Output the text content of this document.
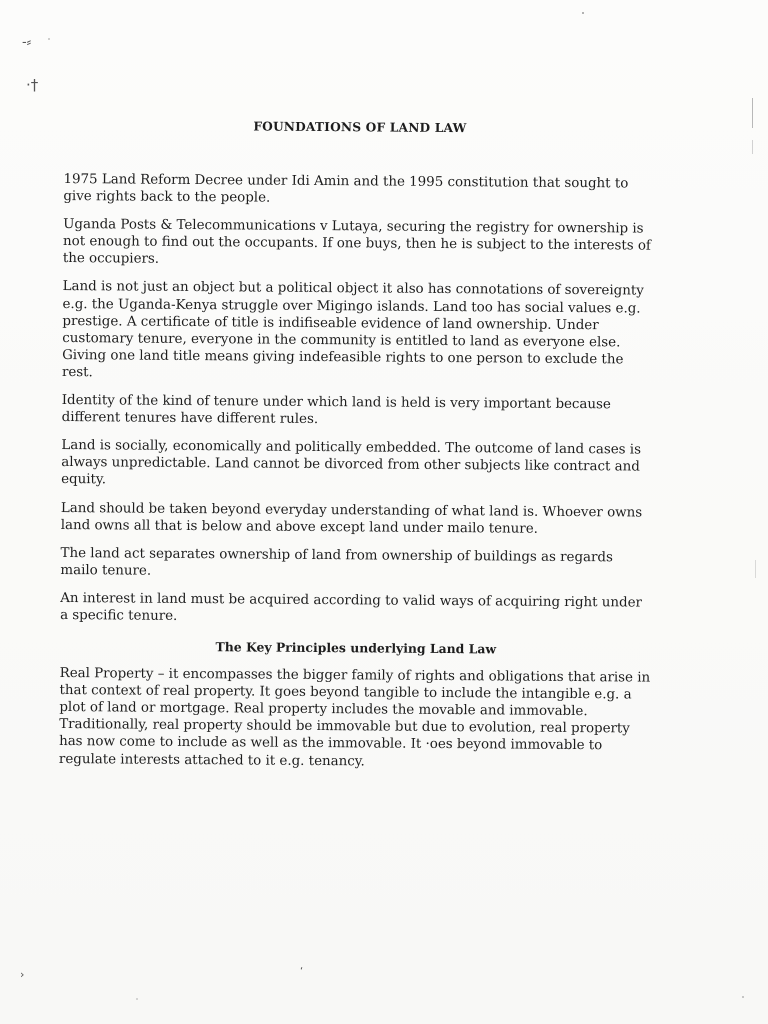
-⸗
·†
›	‘
FOUNDATIONS OF LAND LAW

1975 Land Reform Decree under Idi Amin and the 1995 constitution that sought to give rights back to the people.

Uganda Posts & Telecommunications v Lutaya, securing the registry for ownership is not enough to find out the occupants. If one buys, then he is subject to the interests of the occupiers.

Land is not just an object but a political object it also has connotations of sovereignty e.g. the Uganda-Kenya struggle over Migingo islands. Land too has social values e.g. prestige. A certificate of title is indifiseable evidence of land ownership. Under customary tenure, everyone in the community is entitled to land as everyone else. Giving one land title means giving indefeasible rights to one person to exclude the rest.

Identity of the kind of tenure under which land is held is very important because different tenures have different rules.

Land is socially, economically and politically embedded. The outcome of land cases is always unpredictable. Land cannot be divorced from other subjects like contract and equity.

Land should be taken beyond everyday understanding of what land is. Whoever owns land owns all that is below and above except land under mailo tenure.

The land act separates ownership of land from ownership of buildings as regards mailo tenure.

An interest in land must be acquired according to valid ways of acquiring right under a specific tenure.

The Key Principles underlying Land Law

Real Property – it encompasses the bigger family of rights and obligations that arise in that context of real property. It goes beyond tangible to include the intangible e.g. a plot of land or mortgage. Real property includes the movable and immovable. Traditionally, real property should be immovable but due to evolution, real property has now come to include as well as the immovable. It ·oes beyond immovable to regulate interests attached to it e.g. tenancy.
